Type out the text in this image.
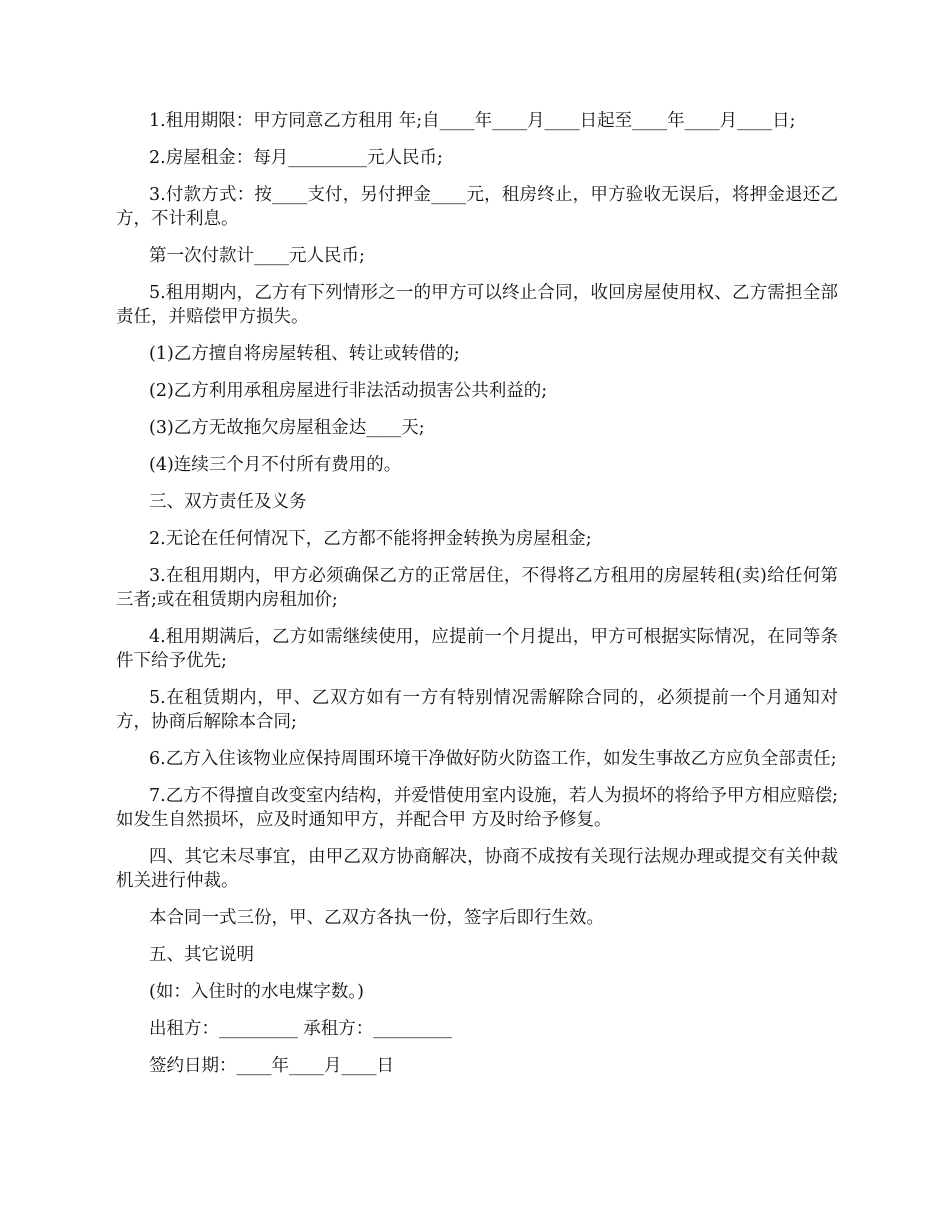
1.租用期限：甲方同意乙方租用 年;自____年____月____日起至____年____月____日;

2.房屋租金：每月_________元人民币;

3.付款方式：按____支付，另付押金____元，租房终止，甲方验收无误后，将押金退还乙方，不计利息。

第一次付款计____元人民币;

5.租用期内，乙方有下列情形之一的甲方可以终止合同，收回房屋使用权、乙方需担全部责任，并赔偿甲方损失。

(1)乙方擅自将房屋转租、转让或转借的;

(2)乙方利用承租房屋进行非法活动损害公共利益的;

(3)乙方无故拖欠房屋租金达____天;

(4)连续三个月不付所有费用的。

三、双方责任及义务

2.无论在任何情况下，乙方都不能将押金转换为房屋租金;

3.在租用期内，甲方必须确保乙方的正常居住，不得将乙方租用的房屋转租(卖)给任何第三者;或在租赁期内房租加价;

4.租用期满后，乙方如需继续使用，应提前一个月提出，甲方可根据实际情况，在同等条件下给予优先;

5.在租赁期内，甲、乙双方如有一方有特别情况需解除合同的，必须提前一个月通知对方，协商后解除本合同;

6.乙方入住该物业应保持周围环境干净做好防火防盗工作，如发生事故乙方应负全部责任;

7.乙方不得擅自改变室内结构，并爱惜使用室内设施，若人为损坏的将给予甲方相应赔偿;如发生自然损坏，应及时通知甲方，并配合甲 方及时给予修复。

四、其它未尽事宜，由甲乙双方协商解决，协商不成按有关现行法规办理或提交有关仲裁机关进行仲裁。

本合同一式三份，甲、乙双方各执一份，签字后即行生效。

五、其它说明

(如：入住时的水电煤字数。)

出租方：_________ 承租方：_________

签约日期：____年____月____日
